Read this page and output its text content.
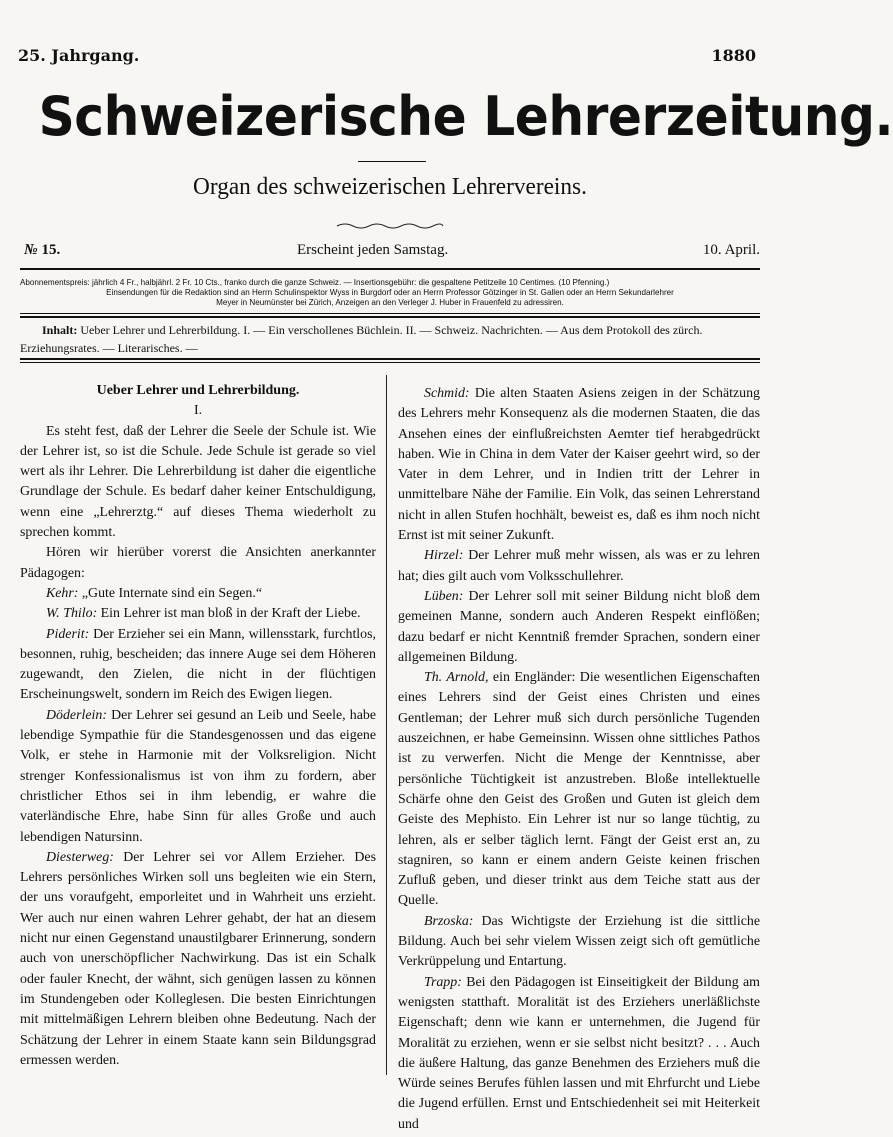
25. Jahrgang.	1880
Schweizerische Lehrerzeitung.
Organ des schweizerischen Lehrervereins.
№ 15.	Erscheint jeden Samstag.	10. April.

Abonnementspreis: jährlich 4 Fr., halbjährl. 2 Fr. 10 Cts., franko durch die ganze Schweiz. — Insertionsgebühr: die gespaltene Petitzeile 10 Centimes. (10 Pfenning.)

Einsendungen für die Redaktion sind an Herrn Schulinspektor Wyss in Burgdorf oder an Herrn Professor Götzinger in St. Gallen oder an Herrn Sekundarlehrer

Meyer in Neumünster bei Zürich, Anzeigen an den Verleger J. Huber in Frauenfeld zu adressiren.

Inhalt: Ueber Lehrer und Lehrerbildung. I. — Ein verschollenes Büchlein. II. — Schweiz. Nachrichten. — Aus dem Protokoll des zürch. Erziehungsrates. — Literarisches. —

Ueber Lehrer und Lehrerbildung.

I.

Es steht fest, daß der Lehrer die Seele der Schule ist. Wie der Lehrer ist, so ist die Schule. Jede Schule ist gerade so viel wert als ihr Lehrer. Die Lehrerbildung ist daher die eigentliche Grundlage der Schule. Es bedarf daher keiner Entschuldigung, wenn eine „Lehrerztg.“ auf dieses Thema wiederholt zu sprechen kommt.

Hören wir hierüber vorerst die Ansichten anerkannter Pädagogen:

Kehr: „Gute Internate sind ein Segen.“

W. Thilo: Ein Lehrer ist man bloß in der Kraft der Liebe.

Piderit: Der Erzieher sei ein Mann, willensstark, furchtlos, besonnen, ruhig, bescheiden; das innere Auge sei dem Höheren zugewandt, den Zielen, die nicht in der flüchtigen Erscheinungswelt, sondern im Reich des Ewigen liegen.

Döderlein: Der Lehrer sei gesund an Leib und Seele, habe lebendige Sympathie für die Standesgenossen und das eigene Volk, er stehe in Harmonie mit der Volksreligion. Nicht strenger Konfessionalismus ist von ihm zu fordern, aber christlicher Ethos sei in ihm lebendig, er wahre die vaterländische Ehre, habe Sinn für alles Große und auch lebendigen Natursinn.

Diesterweg: Der Lehrer sei vor Allem Erzieher. Des Lehrers persönliches Wirken soll uns begleiten wie ein Stern, der uns voraufgeht, emporleitet und in Wahrheit uns erzieht. Wer auch nur einen wahren Lehrer gehabt, der hat an diesem nicht nur einen Gegenstand unaustilgbarer Erinnerung, sondern auch von unerschöpflicher Nachwirkung. Das ist ein Schalk oder fauler Knecht, der wähnt, sich genügen lassen zu können im Stundengeben oder Kolleglesen. Die besten Einrichtungen mit mittelmäßigen Lehrern bleiben ohne Bedeutung. Nach der Schätzung der Lehrer in einem Staate kann sein Bildungsgrad ermessen werden.

Schmid: Die alten Staaten Asiens zeigen in der Schätzung des Lehrers mehr Konsequenz als die modernen Staaten, die das Ansehen eines der einflußreichsten Aemter tief herabgedrückt haben. Wie in China in dem Vater der Kaiser geehrt wird, so der Vater in dem Lehrer, und in Indien tritt der Lehrer in unmittelbare Nähe der Familie. Ein Volk, das seinen Lehrerstand nicht in allen Stufen hochhält, beweist es, daß es ihm noch nicht Ernst ist mit seiner Zukunft.

Hirzel: Der Lehrer muß mehr wissen, als was er zu lehren hat; dies gilt auch vom Volksschullehrer.

Lüben: Der Lehrer soll mit seiner Bildung nicht bloß dem gemeinen Manne, sondern auch Anderen Respekt einflößen; dazu bedarf er nicht Kenntniß fremder Sprachen, sondern einer allgemeinen Bildung.

Th. Arnold, ein Engländer: Die wesentlichen Eigenschaften eines Lehrers sind der Geist eines Christen und eines Gentleman; der Lehrer muß sich durch persönliche Tugenden auszeichnen, er habe Gemeinsinn. Wissen ohne sittliches Pathos ist zu verwerfen. Nicht die Menge der Kenntnisse, aber persönliche Tüchtigkeit ist anzustreben. Bloße intellektuelle Schärfe ohne den Geist des Großen und Guten ist gleich dem Geiste des Mephisto. Ein Lehrer ist nur so lange tüchtig, zu lehren, als er selber täglich lernt. Fängt der Geist erst an, zu stagniren, so kann er einem andern Geiste keinen frischen Zufluß geben, und dieser trinkt aus dem Teiche statt aus der Quelle.

Brzoska: Das Wichtigste der Erziehung ist die sittliche Bildung. Auch bei sehr vielem Wissen zeigt sich oft gemütliche Verkrüppelung und Entartung.

Trapp: Bei den Pädagogen ist Einseitigkeit der Bildung am wenigsten statthaft. Moralität ist des Erziehers unerläßlichste Eigenschaft; denn wie kann er unternehmen, die Jugend für Moralität zu erziehen, wenn er sie selbst nicht besitzt? . . . Auch die äußere Haltung, das ganze Benehmen des Erziehers muß die Würde seines Berufes fühlen lassen und mit Ehrfurcht und Liebe die Jugend erfüllen. Ernst und Entschiedenheit sei mit Heiterkeit und
